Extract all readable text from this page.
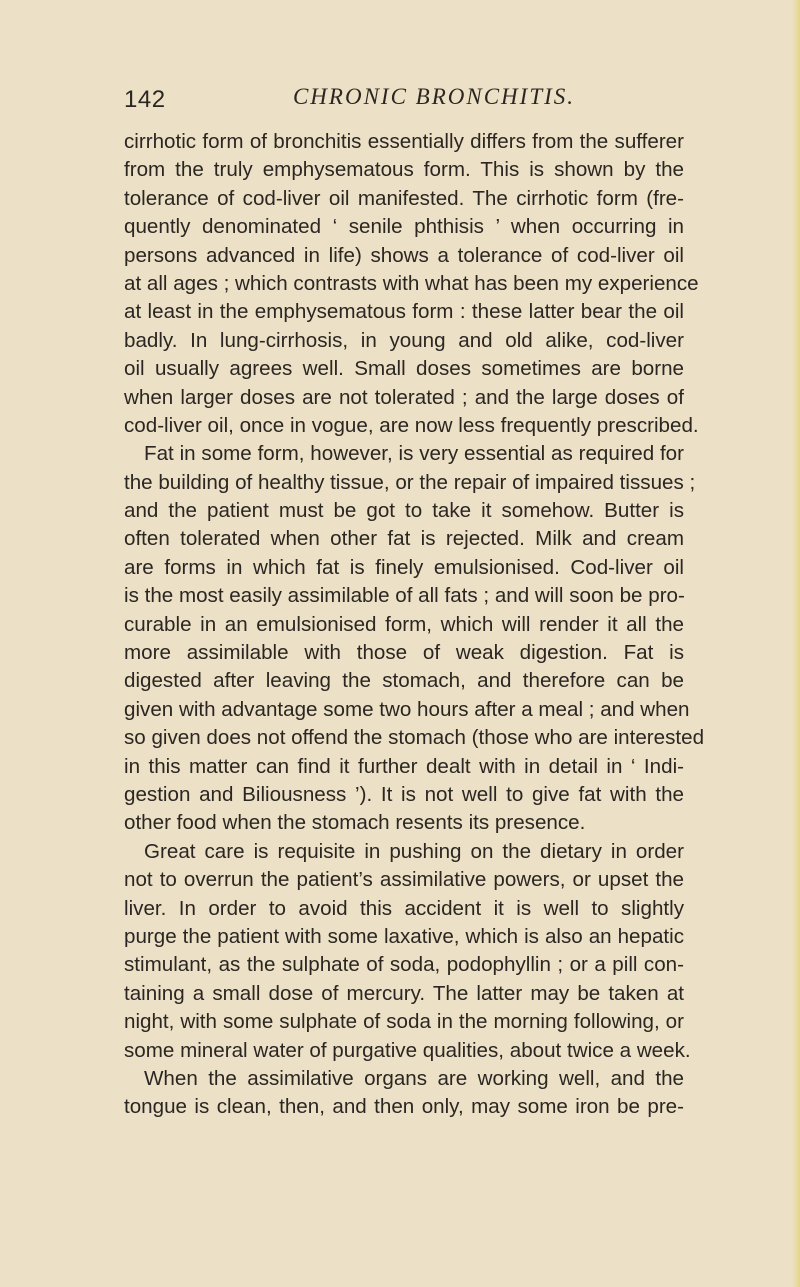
142	CHRONIC BRONCHITIS.
cirrhotic form of bronchitis essentially differs from the sufferer
from the truly emphysematous form. This is shown by the
tolerance of cod-liver oil manifested. The cirrhotic form (fre-
quently denominated ‘ senile phthisis ’ when occurring in
persons advanced in life) shows a tolerance of cod-liver oil
at all ages ; which contrasts with what has been my experience
at least in the emphysematous form : these latter bear the oil
badly. In lung-cirrhosis, in young and old alike, cod-liver
oil usually agrees well. Small doses sometimes are borne
when larger doses are not tolerated ; and the large doses of
cod-liver oil, once in vogue, are now less frequently prescribed.
Fat in some form, however, is very essential as required for
the building of healthy tissue, or the repair of impaired tissues ;
and the patient must be got to take it somehow. Butter is
often tolerated when other fat is rejected. Milk and cream
are forms in which fat is finely emulsionised. Cod-liver oil
is the most easily assimilable of all fats ; and will soon be pro-
curable in an emulsionised form, which will render it all the
more assimilable with those of weak digestion. Fat is
digested after leaving the stomach, and therefore can be
given with advantage some two hours after a meal ; and when
so given does not offend the stomach (those who are interested
in this matter can find it further dealt with in detail in ‘ Indi-
gestion and Biliousness ’). It is not well to give fat with the
other food when the stomach resents its presence.
Great care is requisite in pushing on the dietary in order
not to overrun the patient’s assimilative powers, or upset the
liver. In order to avoid this accident it is well to slightly
purge the patient with some laxative, which is also an hepatic
stimulant, as the sulphate of soda, podophyllin ; or a pill con-
taining a small dose of mercury. The latter may be taken at
night, with some sulphate of soda in the morning following, or
some mineral water of purgative qualities, about twice a week.
When the assimilative organs are working well, and the
tongue is clean, then, and then only, may some iron be pre-
